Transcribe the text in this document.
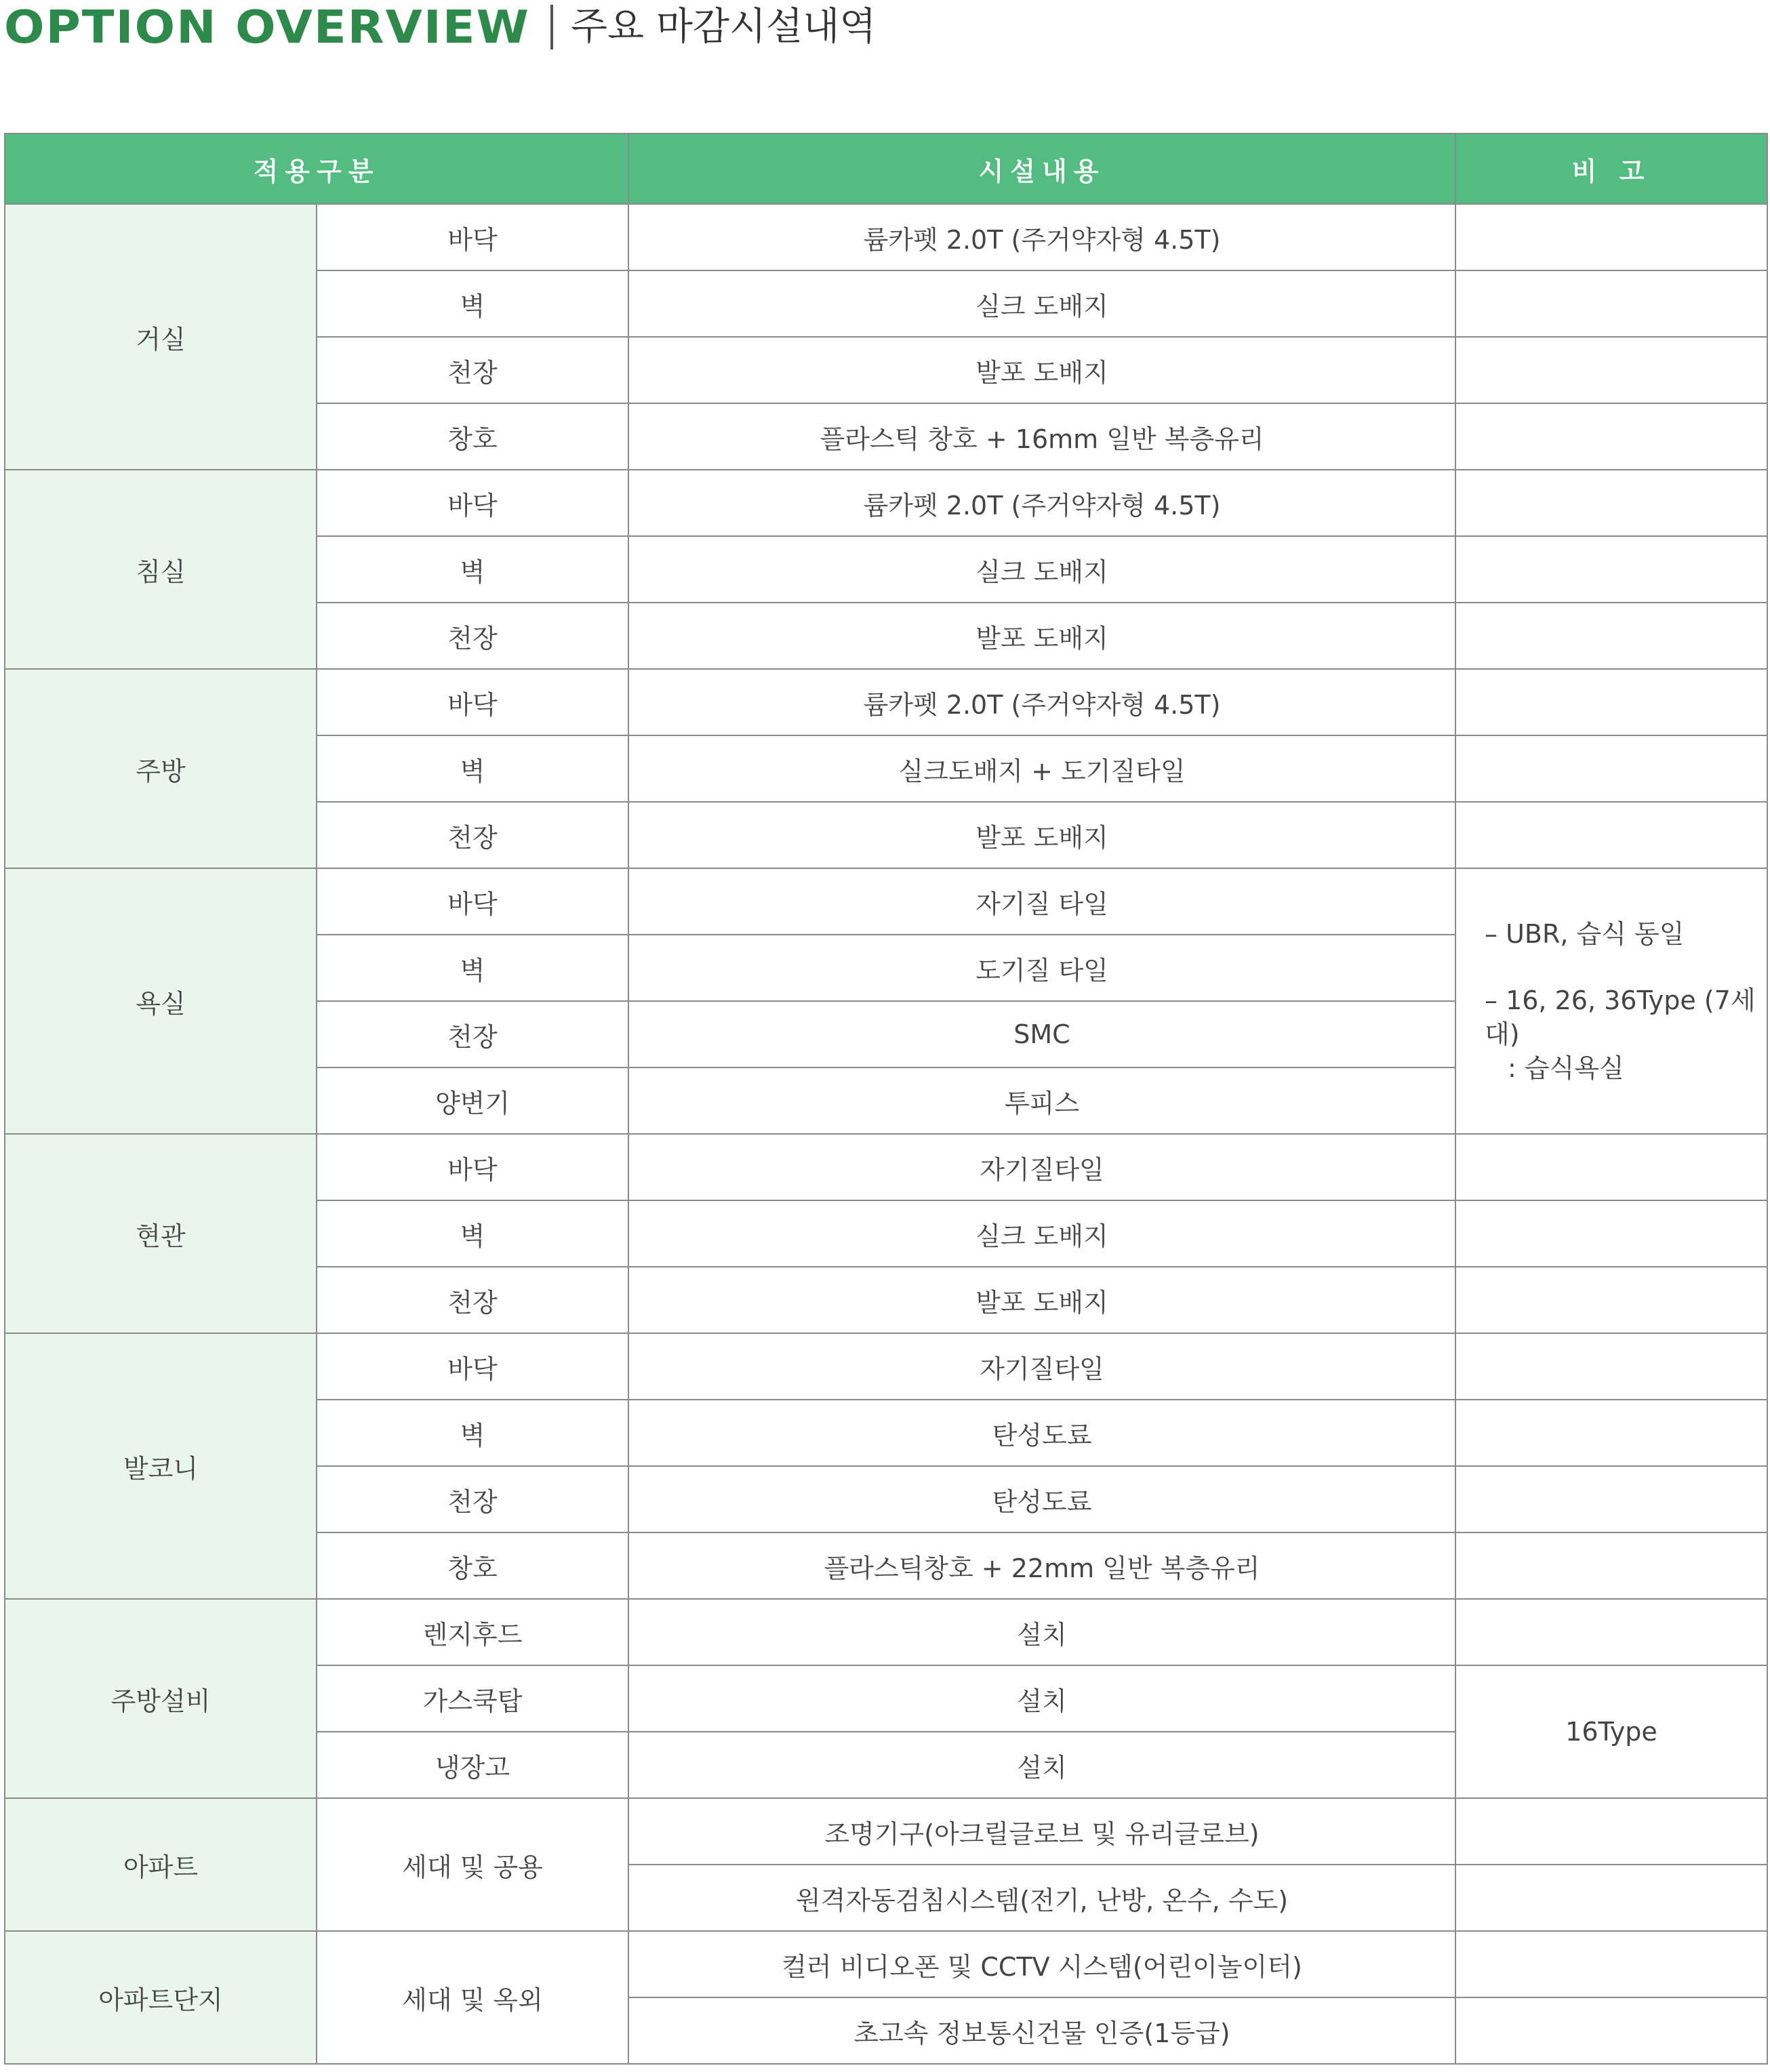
OPTION OVERVIEW 주요 마감시설내역
적용구분		시설내용	비 고
거실	바닥	륨카펫 2.0T (주거약자형 4.5T)	
	벽	실크 도배지	
	천장	발포 도배지	
	창호	플라스틱 창호 + 16mm 일반 복층유리	
침실	바닥	륨카펫 2.0T (주거약자형 4.5T)	
	벽	실크 도배지	
	천장	발포 도배지	
주방	바닥	륨카펫 2.0T (주거약자형 4.5T)	
	벽	실크도배지 + 도기질타일	
	천장	발포 도배지	
욕실	바닥	자기질 타일	– UBR, 습식 동일
– 16, 26, 36Type (7세대)
: 습식욕실

	벽	도기질 타일	
	천장	SMC	
	양변기	투피스	
현관	바닥	자기질타일	
	벽	실크 도배지	
	천장	발포 도배지	
발코니	바닥	자기질타일	
	벽	탄성도료	
	천장	탄성도료	
	창호	플라스틱창호 + 22mm 일반 복층유리	
주방설비	렌지후드	설치	
	가스쿡탑	설치	16Type
	냉장고	설치	
아파트	세대 및 공용	조명기구(아크릴글로브 및 유리글로브)	
		원격자동검침시스템(전기, 난방, 온수, 수도)	
아파트단지	세대 및 옥외	컬러 비디오폰 및 CCTV 시스템(어린이놀이터)	
		초고속 정보통신건물 인증(1등급)	
